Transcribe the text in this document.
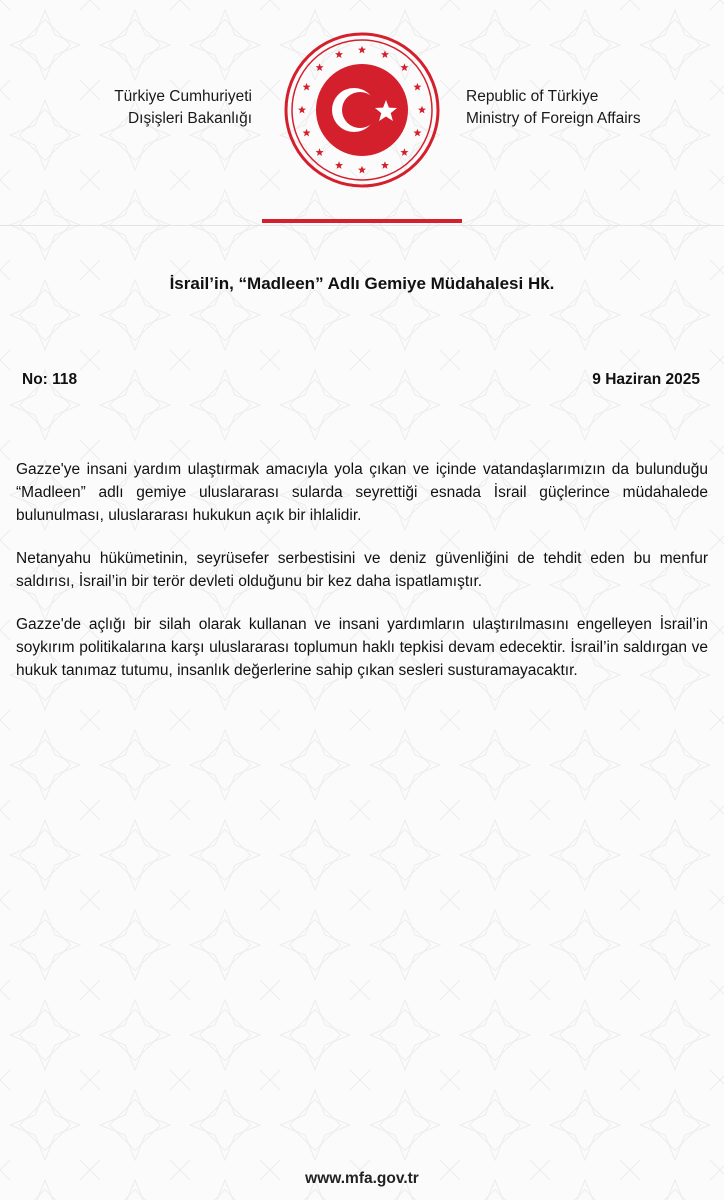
Türkiye Cumhuriyeti
Dışişleri Bakanlığı
Republic of Türkiye
Ministry of Foreign Affairs
İsrail’in, “Madleen” Adlı Gemiye Müdahalesi Hk.
No: 118	9 Haziran 2025

Gazze'ye insani yardım ulaştırmak amacıyla yola çıkan ve içinde vatandaşlarımızın da bulunduğu “Madleen” adlı gemiye uluslararası sularda seyrettiği esnada İsrail güçlerince müdahalede bulunulması, uluslararası hukukun açık bir ihlalidir.

Netanyahu hükümetinin, seyrüsefer serbestisini ve deniz güvenliğini de tehdit eden bu menfur saldırısı, İsrail’in bir terör devleti olduğunu bir kez daha ispatlamıştır.

Gazze'de açlığı bir silah olarak kullanan ve insani yardımların ulaştırılmasını engelleyen İsrail’in soykırım politikalarına karşı uluslararası toplumun haklı tepkisi devam edecektir. İsrail’in saldırgan ve hukuk tanımaz tutumu, insanlık değerlerine sahip çıkan sesleri susturamayacaktır.

www.mfa.gov.tr
